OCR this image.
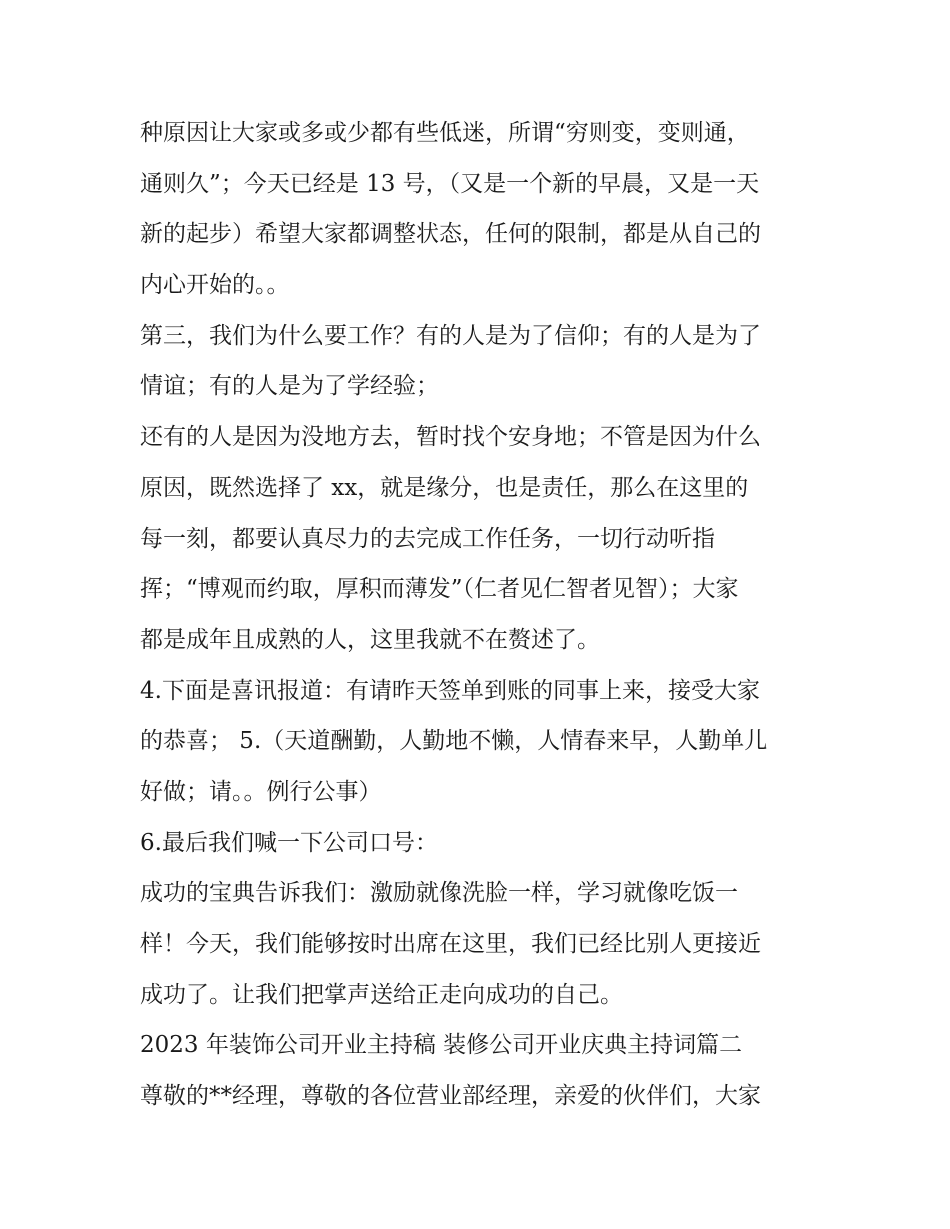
种原因让大家或多或少都有些低迷，所谓“穷则变，变则通，
通则久”；今天已经是 13 号，（又是一个新的早晨，又是一天
新的起步）希望大家都调整状态，任何的限制，都是从自己的
内心开始的。。
第三，我们为什么要工作？有的人是为了信仰；有的人是为了
情谊；有的人是为了学经验；
还有的人是因为没地方去，暂时找个安身地；不管是因为什么
原因，既然选择了 xx，就是缘分，也是责任，那么在这里的
每一刻，都要认真尽力的去完成工作任务，一切行动听指
挥；“博观而约取，厚积而薄发”（仁者见仁智者见智）；大家
都是成年且成熟的人，这里我就不在赘述了。
4.下面是喜讯报道：有请昨天签单到账的同事上来，接受大家
的恭喜； 5.（天道酬勤，人勤地不懒，人情春来早，人勤单儿
好做；请。。例行公事）
6.最后我们喊一下公司口号：
成功的宝典告诉我们：激励就像洗脸一样，学习就像吃饭一
样！今天，我们能够按时出席在这里，我们已经比别人更接近
成功了。让我们把掌声送给正走向成功的自己。
2023 年装饰公司开业主持稿 装修公司开业庆典主持词篇二
尊敬的**经理，尊敬的各位营业部经理，亲爱的伙伴们，大家
